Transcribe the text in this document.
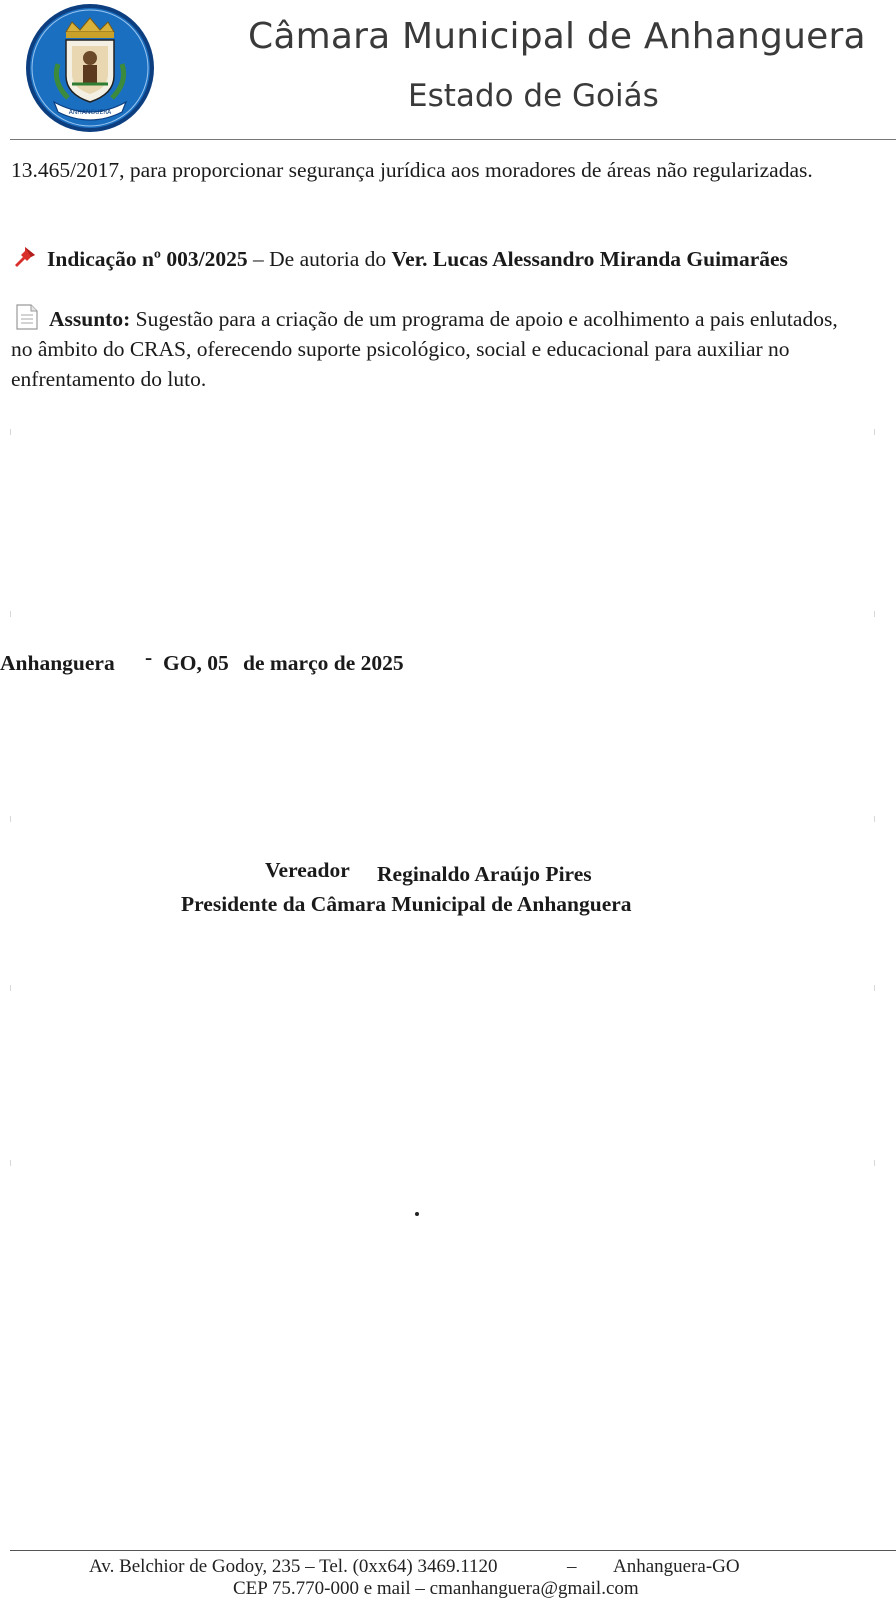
ANHANGUERA
Câmara Municipal de Anhanguera
Estado de Goiás

13.465/2017, para proporcionar segurança jurídica aos moradores de áreas não regularizadas.

Indicação nº 003/2025 – De autoria do Ver. Lucas Alessandro Miranda Guimarães

Assunto: Sugestão para a criação de um programa de apoio e acolhimento a pais enlutados, no âmbito do CRAS, oferecendo suporte psicológico, social e educacional para auxiliar no enfrentamento do luto.

Anhanguera - GO, 05 de março de 2025

Vereador Reginaldo Araújo Pires

Presidente da Câmara Municipal de Anhanguera

Av. Belchior de Godoy, 235 – Tel. (0xx64) 3469.1120	– Anhanguera-GO

CEP 75.770-000 e mail – cmanhanguera@gmail.com
